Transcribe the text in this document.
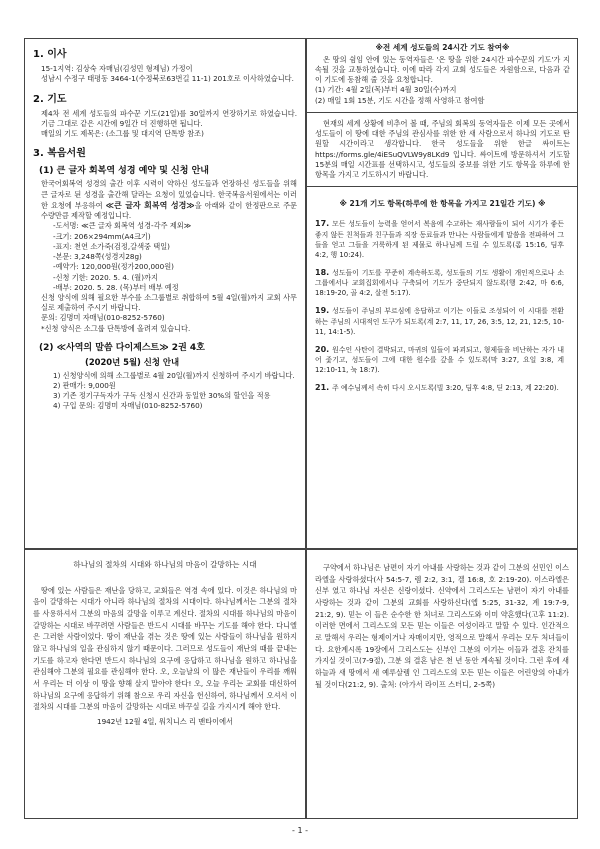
1. 이사

15-1지역: 김상숙 자매님(김성민 형제님) 가정이

성남시 수정구 태평동 3464-1(수정북로63번길 11-1) 201호로 이사하였습니다.

2. 기도

제4차 전 세계 성도들의 파수꾼 기도(21일)를 30일까지 연장하기로 하였습니다. 기금 그대로 같은 시간에 9일간 더 진행하면 됩니다.

매일의 기도 제목은: (소그룹 및 대지역 단톡방 참조)

3. 복음서원
(1) 큰 글자 회복역 성경 예약 및 신청 안내

한국어회복역 성경의 출간 이후 시력이 약하신 성도들과 연장하신 성도들을 위해 큰 글자로 된 성경을 출간해 달라는 요청이 있었습니다. 한국복음서원에서는 이러한 요청에 부응하여 ≪큰 글자 회복역 성경≫을 아래와 같이 한정판으로 주문 수량만큼 제작할 예정입니다.

-도서명: ≪큰 글자 회복역 성경-각주 제외≫
-크기: 206×294mm(A4크기)
-표지: 천연 소가죽(검정,갈색중 택일)
-본문: 3,248쪽(성경지28g)
-예약가: 120,000원(정가200,000원)
-신청 기한: 2020. 5. 4. (월)까지
-배부: 2020. 5. 28. (목)부터 배부 예정

신청 양식에 의해 필요한 부수를 소그룹별로 취합하여 5월 4일(월)까지 교회 사무실로 제출하여 주시기 바랍니다.

문의: 김명미 자매님(010-8252-5760)

*신청 양식은 소그룹 단톡방에 올려져 있습니다.

(2) ≪사역의 말씀 다이제스트≫ 2권 4호
(2020년 5월) 신청 안내
1) 신청양식에 의해 소그룹별로 4월 20일(월)까지 신청하여 주시기 바랍니다.
2) 판매가: 9,000원
3) 기존 정기구독자가 구독 신청시 신간과 동일한 30%의 할인을 적용
4) 구입 문의: 김명미 자매님(010-8252-5760)
※전 세계 성도들의 24시간 기도 참여※

온 땅의 쉼임 안에 있는 동역자들은 '온 땅을 위한 24시간 파수꾼의 기도'가 지속될 것을 교통하였습니다. 이에 따라 각지 교회 성도들은 자원함으로, 다음과 같이 기도에 동참해 줄 것을 요청합니다.

(1) 기간: 4월 2일(목)부터 4월 30일(수)까지

(2) 매일 1회 15분, 기도 시간을 정해 사영하고 참여함

현재의 세계 상황에 비추어 볼 때, 주님의 회복의 동역자들은 이제 모든 곳에서 성도들이 이 땅에 대한 주님의 관심사를 위한 한 새 사람으로서 하나의 기도로 탄원할 시간이라고 생각합니다. 한국 성도들을 위한 한글 싸이트는 https://forms.gle/4iESuQVLW9y8LKd9 입니다. 싸이트에 방문하셔서 기도할 15분의 매일 시간표를 선택하시고, 성도들의 중보를 위한 기도 항목을 하루에 한 항목을 가지고 기도하시기 바랍니다.

※ 21개 기도 항목(하루에 한 항목을 가지고 21일간 기도) ※
17. 모든 성도들이 능력을 얻어서 복음에 수고하는 재사람들이 되어 시기가 좋든 좋지 않든 친척들과 친구들과 직장 동료들과 만나는 사람들에게 말씀을 전파하여 그들을 얻고 그들을 거룩하게 된 제물로 하나님께 드릴 수 있도록(롬 15:16, 딤후 4:2, 행 10:24).
18. 성도들이 기도를 꾸준히 계속하도록, 성도들의 기도 생활이 개인적으로나 소그룹에서나 교회집회에서나 구축되어 기도가 중단되지 않도록(행 2:42, 마 6:6, 18:19-20, 골 4:2, 살전 5:17).
19. 성도들이 주님의 부르심에 응답하고 이기는 이들로 조성되어 이 시대를 전환하는 주님의 시대적인 도구가 되도록(계 2:7, 11, 17, 26, 3:5, 12, 21, 12:5, 10-11, 14:1-5).
20. 원수인 사탄이 결박되고, 마귀의 일들이 파괴되고, 형제들을 비난하는 자가 내어 좇기고, 성도들이 그에 대한 원수를 갚을 수 있도록(막 3:27, 요일 3:8, 계 12:10-11, 눅 18:7).
21. 주 예수님께서 속히 다시 오시도록(빌 3:20, 딤후 4:8, 딛 2:13, 계 22:20).
하나님의 절차의 시대와 하나님의 마음이 갈망하는 시대

땅에 있는 사람들은 재난을 당하고, 교회들은 역경 속에 있다. 이것은 하나님의 마음이 갈망하는 시대가 아니라 하나님의 절차의 시대이다. 하나님께서는 그분의 절차를 사용하셔서 그분의 마음의 갈망을 이루고 계신다. 절차의 시대를 하나님의 마음이 갈망하는 시대로 바꾸려면 사람들은 반드시 시대를 바꾸는 기도를 해야 한다. 다니엘은 그러한 사람이었다. 땅이 재난을 겪는 것은 땅에 있는 사람들이 하나님을 원하지 않고 하나님의 일을 관심하지 않기 때문이다. 그러므로 성도들이 재난의 때를 끝내는 기도를 하고자 한다면 반드시 하나님의 요구에 응답하고 하나님을 원하고 하나님을 관심해야 그분의 필요를 관심해야 한다. 오, 오늘날의 이 많은 재난들이 우리를 깨워서 우리는 더 이상 이 땅을 향해 살지 말아야 한다! 오, 오늘 우리는 교회를 대신하여 하나님의 요구에 응답하기 위해 참으로 우리 자신을 헌신하여, 하나님께서 오셔서 이 절차의 시대를 그분의 마음이 갈망하는 시대로 바꾸실 길을 가지시게 해야 한다.

1942년 12월 4일, 워치니스 리 맨타이에서

구약에서 하나님은 남편이 자기 아내를 사랑하는 것과 같이 그분의 선민인 이스라엘을 사랑하셨다(사 54:5-7, 렘 2:2, 3:1, 겔 16:8, 호 2:19-20). 이스라엘은 신부 였고 하나님 자신은 신랑이셨다. 신약에서 그리스도는 남편이 자기 아내를 사랑하는 것과 같이 그분의 교회를 사랑하신다(엡 5:25, 31-32, 계 19:7-9, 21:2, 9). 믿는 이 들은 순수한 한 처녀로 그리스도와 이미 약혼했다(고후 11:2). 이러한 면에서 그리스도의 모든 믿는 이들은 여성이라고 말할 수 있다. 인간적으로 말해서 우리는 형제이거나 자매이지만, 영적으로 말해서 우리는 모두 처녀들이다. 요한계시록 19장에서 그리스도는 신부인 그분의 이기는 이들과 결혼 잔치를 가지실 것이고(7-9절), 그분 의 결혼 남은 천 년 동안 계속될 것이다. 그런 후에 새 하늘과 새 땅에서 새 예루살렘 인 그리스도의 모든 믿는 이들은 어린양의 아내가 될 것이다(21:2, 9). 출처: (아가서 라이프 스터디, 2-5쪽)

- 1 -
